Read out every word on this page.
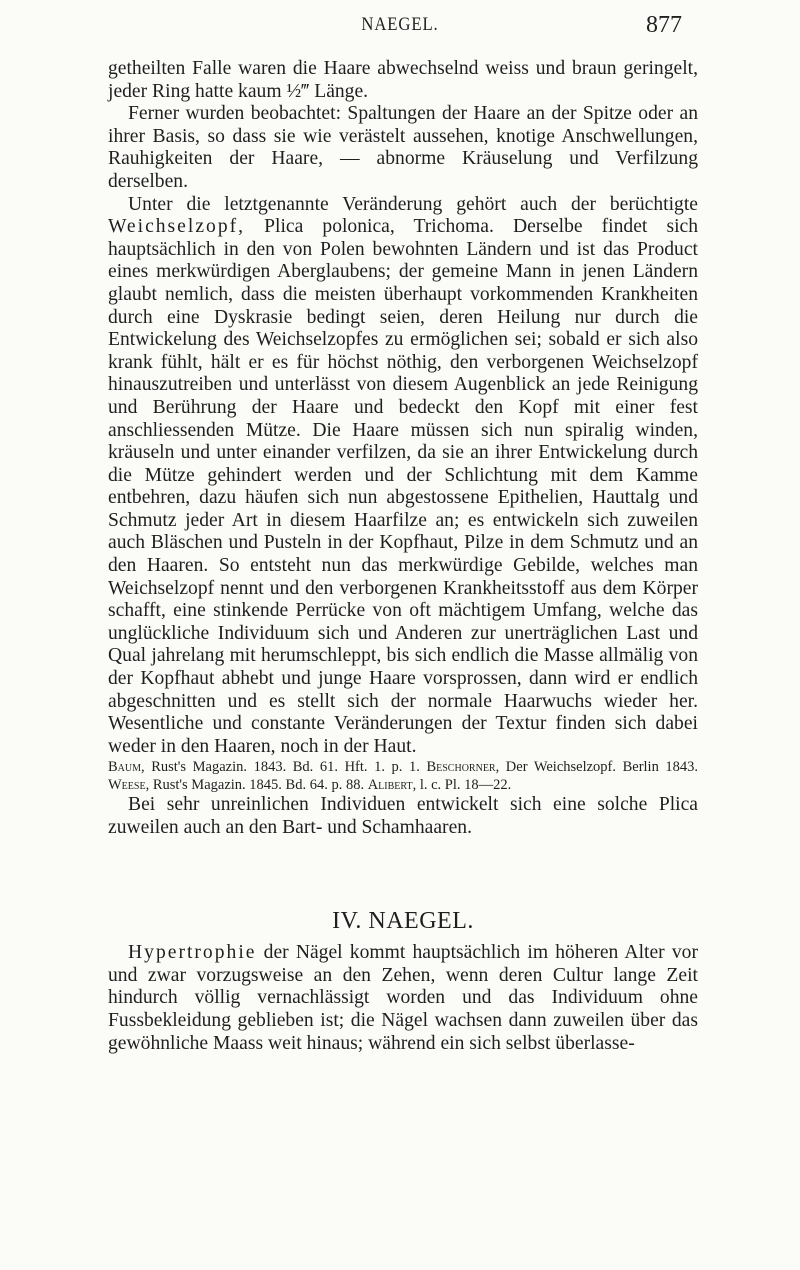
NAEGEL.	877

getheilten Falle waren die Haare abwechselnd weiss und braun geringelt, jeder Ring hatte kaum ½‴ Länge.

Ferner wurden beobachtet: Spaltungen der Haare an der Spitze oder an ihrer Basis, so dass sie wie verästelt aussehen, knotige Anschwellungen, Rauhigkeiten der Haare, — abnorme Kräuselung und Verfilzung derselben.

Unter die letztgenannte Veränderung gehört auch der berüchtigte Weichselzopf, Plica polonica, Trichoma. Derselbe findet sich hauptsächlich in den von Polen bewohnten Ländern und ist das Product eines merkwürdigen Aberglaubens; der gemeine Mann in jenen Ländern glaubt nemlich, dass die meisten überhaupt vorkommenden Krankheiten durch eine Dyskrasie bedingt seien, deren Heilung nur durch die Entwickelung des Weichselzopfes zu ermöglichen sei; sobald er sich also krank fühlt, hält er es für höchst nöthig, den verborgenen Weichselzopf hinauszutreiben und unterlässt von diesem Augenblick an jede Reinigung und Berührung der Haare und bedeckt den Kopf mit einer fest anschliessenden Mütze. Die Haare müssen sich nun spiralig winden, kräuseln und unter einander verfilzen, da sie an ihrer Entwickelung durch die Mütze gehindert werden und der Schlichtung mit dem Kamme entbehren, dazu häufen sich nun abgestossene Epithelien, Hauttalg und Schmutz jeder Art in diesem Haarfilze an; es entwickeln sich zuweilen auch Bläschen und Pusteln in der Kopfhaut, Pilze in dem Schmutz und an den Haaren. So entsteht nun das merkwürdige Gebilde, welches man Weichselzopf nennt und den verborgenen Krankheitsstoff aus dem Körper schafft, eine stinkende Perrücke von oft mächtigem Umfang, welche das unglückliche Individuum sich und Anderen zur unerträglichen Last und Qual jahrelang mit herumschleppt, bis sich endlich die Masse allmälig von der Kopfhaut abhebt und junge Haare vorsprossen, dann wird er endlich abgeschnitten und es stellt sich der normale Haarwuchs wieder her. Wesentliche und constante Veränderungen der Textur finden sich dabei weder in den Haaren, noch in der Haut.

Baum, Rust's Magazin. 1843. Bd. 61. Hft. 1. p. 1. Beschorner, Der Weichselzopf. Berlin 1843. Weese, Rust's Magazin. 1845. Bd. 64. p. 88. Alibert, l. c. Pl. 18—22.

Bei sehr unreinlichen Individuen entwickelt sich eine solche Plica zuweilen auch an den Bart- und Schamhaaren.

IV. NAEGEL.

Hypertrophie der Nägel kommt hauptsächlich im höheren Alter vor und zwar vorzugsweise an den Zehen, wenn deren Cultur lange Zeit hindurch völlig vernachlässigt worden und das Individuum ohne Fussbekleidung geblieben ist; die Nägel wachsen dann zuweilen über das gewöhnliche Maass weit hinaus; während ein sich selbst überlasse-
